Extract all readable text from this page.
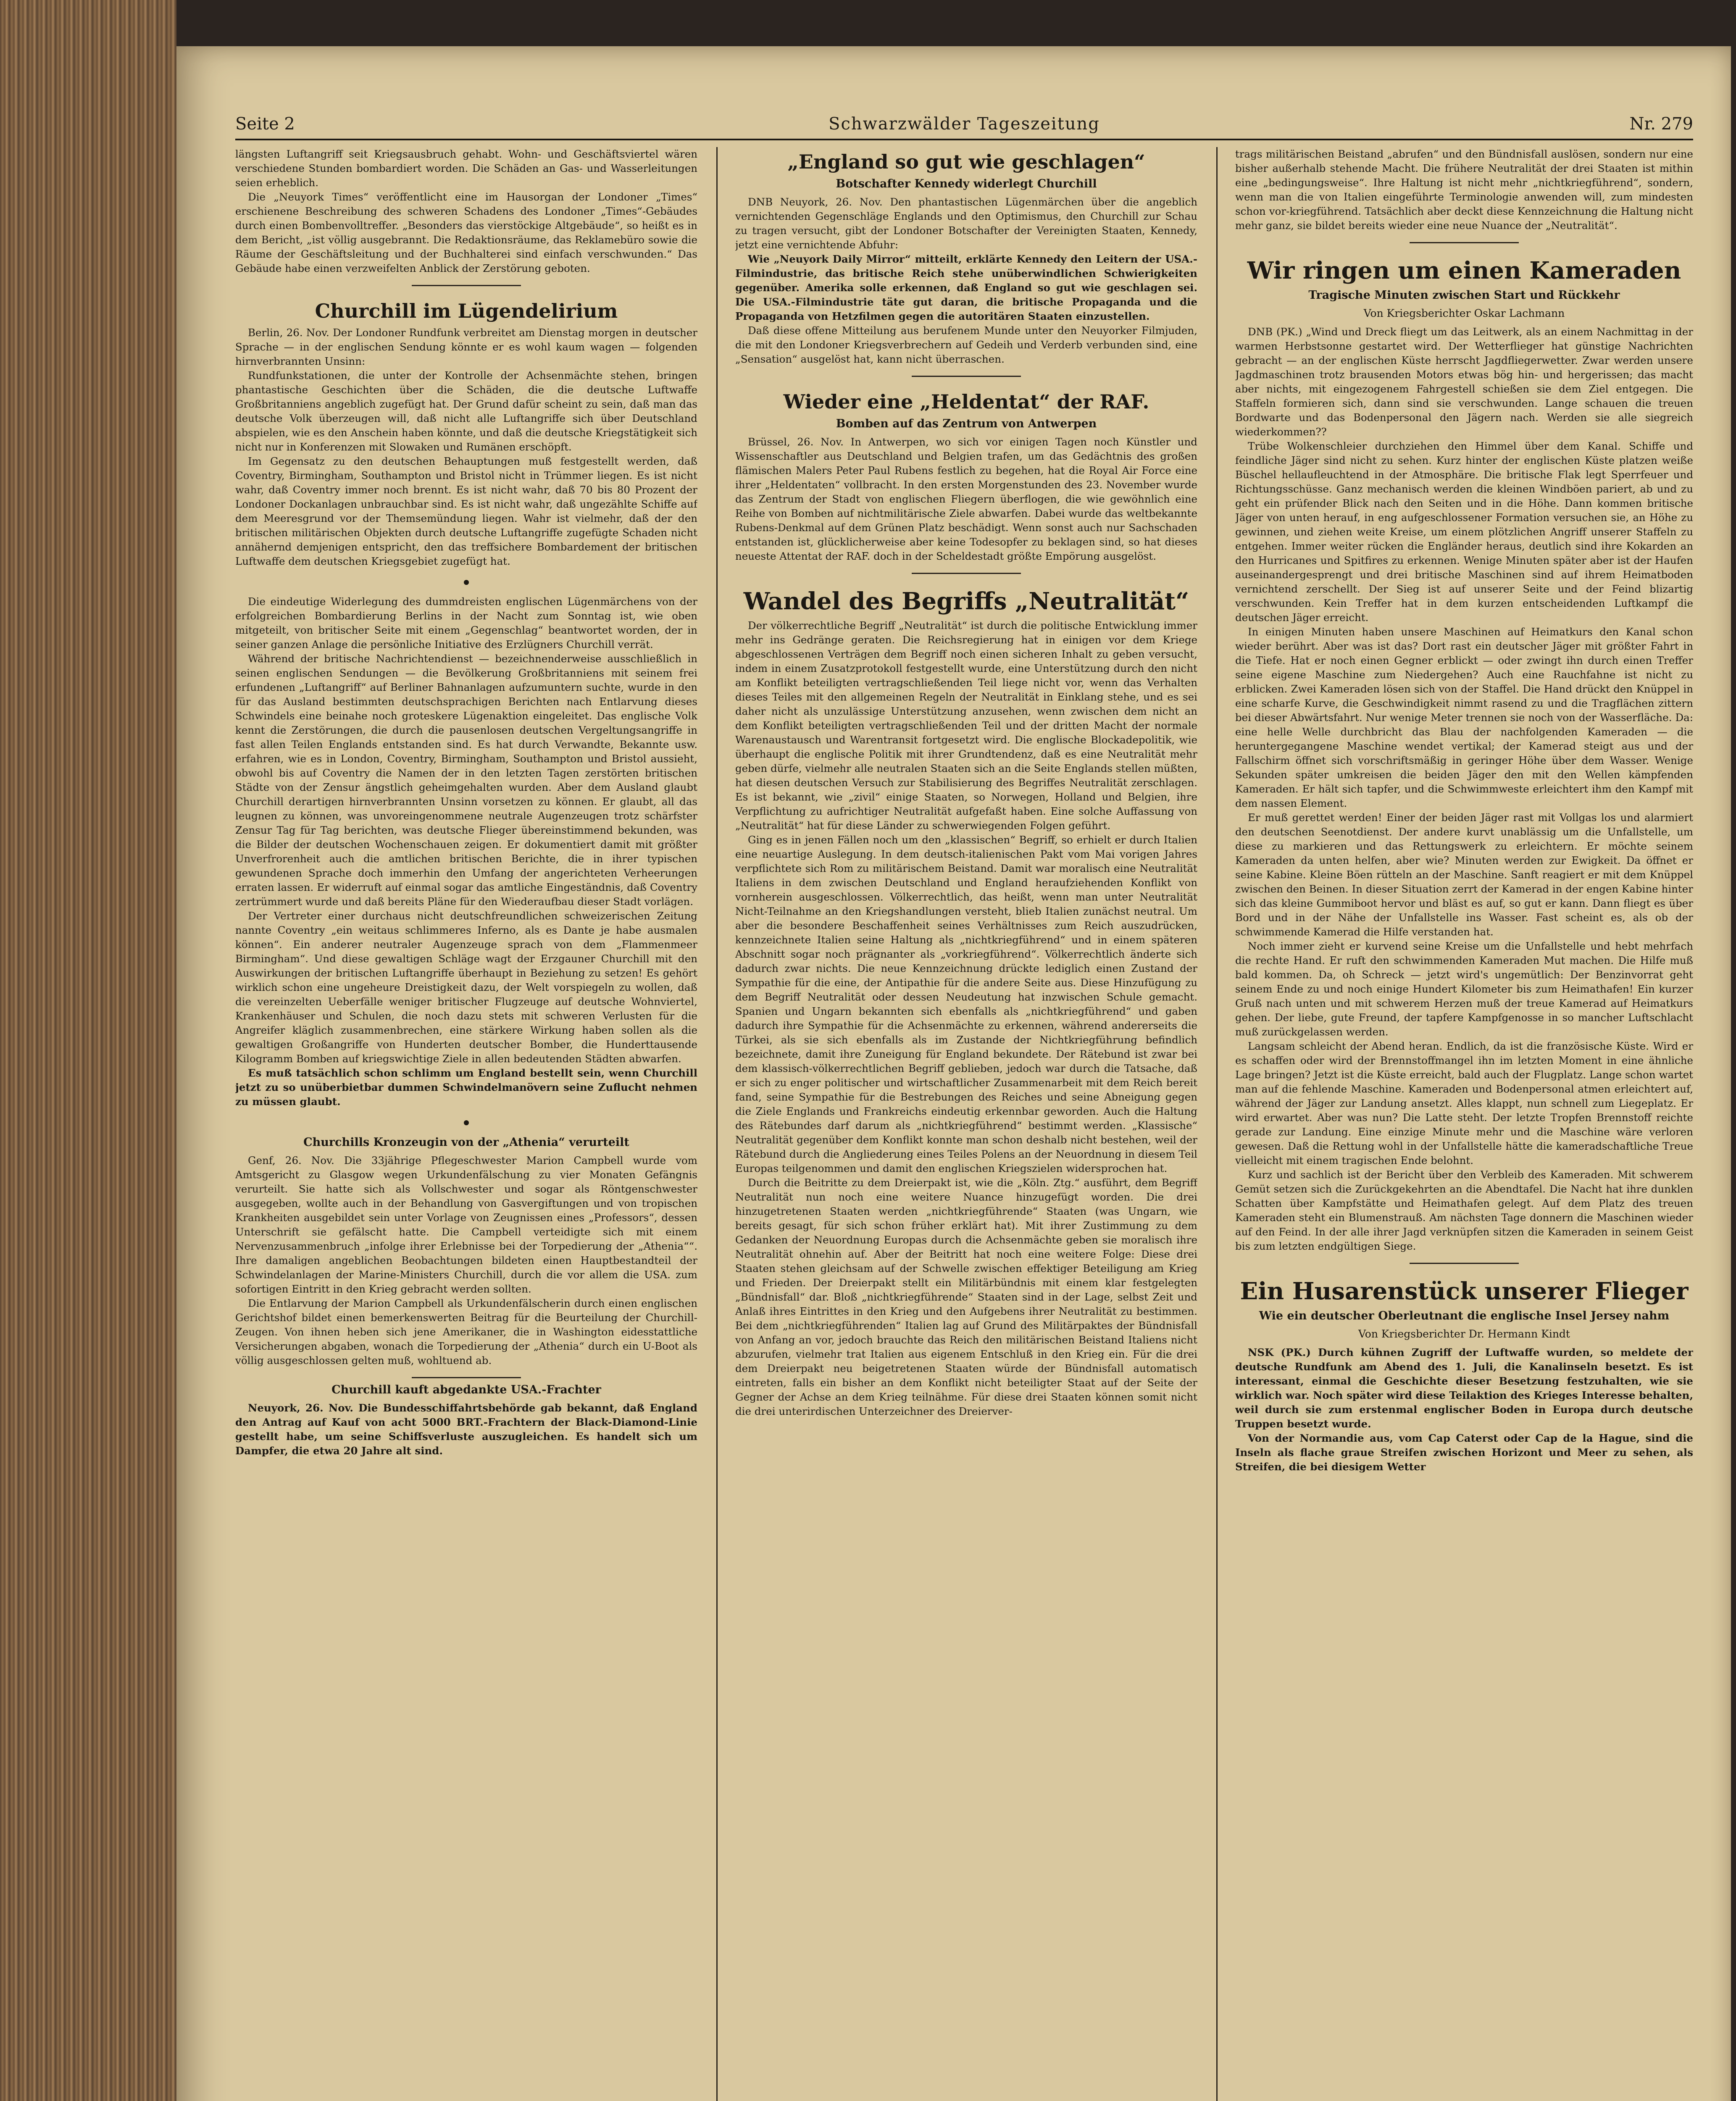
Seite 2	Schwarzwälder Tageszeitung	Nr. 279

längsten Luftangriff seit Kriegsausbruch gehabt. Wohn- und Geschäftsviertel wären verschiedene Stunden bombardiert worden. Die Schäden an Gas- und Wasserleitungen seien erheblich.

Die „Neuyork Times“ veröffentlicht eine im Hausorgan der Londoner „Times“ erschienene Beschreibung des schweren Schadens des Londoner „Times“-Gebäudes durch einen Bombenvolltreffer. „Besonders das vierstöckige Altgebäude“, so heißt es in dem Bericht, „ist völlig ausgebrannt. Die Redaktionsräume, das Reklamebüro sowie die Räume der Geschäftsleitung und der Buchhalterei sind einfach verschwunden.“ Das Gebäude habe einen verzweifelten Anblick der Zerstörung geboten.

Churchill im Lügendelirium

Berlin, 26. Nov. Der Londoner Rundfunk verbreitet am Dienstag morgen in deutscher Sprache — in der englischen Sendung könnte er es wohl kaum wagen — folgenden hirnverbrannten Unsinn:

Rundfunkstationen, die unter der Kontrolle der Achsenmächte stehen, bringen phantastische Geschichten über die Schäden, die die deutsche Luftwaffe Großbritanniens angeblich zugefügt hat. Der Grund dafür scheint zu sein, daß man das deutsche Volk überzeugen will, daß nicht alle Luftangriffe sich über Deutschland abspielen, wie es den Anschein haben könnte, und daß die deutsche Kriegstätigkeit sich nicht nur in Konferenzen mit Slowaken und Rumänen erschöpft.

Im Gegensatz zu den deutschen Behauptungen muß festgestellt werden, daß Coventry, Birmingham, Southampton und Bristol nicht in Trümmer liegen. Es ist nicht wahr, daß Coventry immer noch brennt. Es ist nicht wahr, daß 70 bis 80 Prozent der Londoner Dockanlagen unbrauchbar sind. Es ist nicht wahr, daß ungezählte Schiffe auf dem Meeresgrund vor der Themsemündung liegen. Wahr ist vielmehr, daß der den britischen militärischen Objekten durch deutsche Luftangriffe zugefügte Schaden nicht annähernd demjenigen entspricht, den das treffsichere Bombardement der britischen Luftwaffe dem deutschen Kriegsgebiet zugefügt hat.

Die eindeutige Widerlegung des dummdreisten englischen Lügenmärchens von der erfolgreichen Bombardierung Berlins in der Nacht zum Sonntag ist, wie oben mitgeteilt, von britischer Seite mit einem „Gegenschlag“ beantwortet worden, der in seiner ganzen Anlage die persönliche Initiative des Erzlügners Churchill verrät.

Während der britische Nachrichtendienst — bezeichnenderweise ausschließlich in seinen englischen Sendungen — die Bevölkerung Großbritanniens mit seinem frei erfundenen „Luftangriff“ auf Berliner Bahnanlagen aufzumuntern suchte, wurde in den für das Ausland bestimmten deutschsprachigen Berichten nach Entlarvung dieses Schwindels eine beinahe noch groteskere Lügenaktion eingeleitet. Das englische Volk kennt die Zerstörungen, die durch die pausenlosen deutschen Vergeltungsangriffe in fast allen Teilen Englands entstanden sind. Es hat durch Verwandte, Bekannte usw. erfahren, wie es in London, Coventry, Birmingham, Southampton und Bristol aussieht, obwohl bis auf Coventry die Namen der in den letzten Tagen zerstörten britischen Städte von der Zensur ängstlich geheimgehalten wurden. Aber dem Ausland glaubt Churchill derartigen hirnverbrannten Unsinn vorsetzen zu können. Er glaubt, all das leugnen zu können, was unvoreingenommene neutrale Augenzeugen trotz schärfster Zensur Tag für Tag berichten, was deutsche Flieger übereinstimmend bekunden, was die Bilder der deutschen Wochenschauen zeigen. Er dokumentiert damit mit größter Unverfrorenheit auch die amtlichen britischen Berichte, die in ihrer typischen gewundenen Sprache doch immerhin den Umfang der angerichteten Verheerungen erraten lassen. Er widerruft auf einmal sogar das amtliche Eingeständnis, daß Coventry zertrümmert wurde und daß bereits Pläne für den Wiederaufbau dieser Stadt vorlägen.

Der Vertreter einer durchaus nicht deutschfreundlichen schweizerischen Zeitung nannte Coventry „ein weitaus schlimmeres Inferno, als es Dante je habe ausmalen können“. Ein anderer neutraler Augenzeuge sprach von dem „Flammenmeer Birmingham“. Und diese gewaltigen Schläge wagt der Erzgauner Churchill mit den Auswirkungen der britischen Luftangriffe überhaupt in Beziehung zu setzen! Es gehört wirklich schon eine ungeheure Dreistigkeit dazu, der Welt vorspiegeln zu wollen, daß die vereinzelten Ueberfälle weniger britischer Flugzeuge auf deutsche Wohnviertel, Krankenhäuser und Schulen, die noch dazu stets mit schweren Verlusten für die Angreifer kläglich zusammenbrechen, eine stärkere Wirkung haben sollen als die gewaltigen Großangriffe von Hunderten deutscher Bomber, die Hunderttausende Kilogramm Bomben auf kriegswichtige Ziele in allen bedeutenden Städten abwarfen.

Es muß tatsächlich schon schlimm um England bestellt sein, wenn Churchill jetzt zu so unüberbietbar dummen Schwindelmanövern seine Zuflucht nehmen zu müssen glaubt.

Churchills Kronzeugin von der „Athenia“ verurteilt

Genf, 26. Nov. Die 33jährige Pflegeschwester Marion Campbell wurde vom Amtsgericht zu Glasgow wegen Urkundenfälschung zu vier Monaten Gefängnis verurteilt. Sie hatte sich als Vollschwester und sogar als Röntgenschwester ausgegeben, wollte auch in der Behandlung von Gasvergiftungen und von tropischen Krankheiten ausgebildet sein unter Vorlage von Zeugnissen eines „Professors“, dessen Unterschrift sie gefälscht hatte. Die Campbell verteidigte sich mit einem Nervenzusammenbruch „infolge ihrer Erlebnisse bei der Torpedierung der „Athenia““. Ihre damaligen angeblichen Beobachtungen bildeten einen Hauptbestandteil der Schwindelanlagen der Marine-Ministers Churchill, durch die vor allem die USA. zum sofortigen Eintritt in den Krieg gebracht werden sollten.

Die Entlarvung der Marion Campbell als Urkundenfälscherin durch einen englischen Gerichtshof bildet einen bemerkenswerten Beitrag für die Beurteilung der Churchill-Zeugen. Von ihnen heben sich jene Amerikaner, die in Washington eidesstattliche Versicherungen abgaben, wonach die Torpedierung der „Athenia“ durch ein U-Boot als völlig ausgeschlossen gelten muß, wohltuend ab.

Churchill kauft abgedankte USA.-Frachter

Neuyork, 26. Nov. Die Bundesschiffahrtsbehörde gab bekannt, daß England den Antrag auf Kauf von acht 5000 BRT.-Frachtern der Black-Diamond-Linie gestellt habe, um seine Schiffsverluste auszugleichen. Es handelt sich um Dampfer, die etwa 20 Jahre alt sind.

„England so gut wie geschlagen“
Botschafter Kennedy widerlegt Churchill

DNB Neuyork, 26. Nov. Den phantastischen Lügenmärchen über die angeblich vernichtenden Gegenschläge Englands und den Optimismus, den Churchill zur Schau zu tragen versucht, gibt der Londoner Botschafter der Vereinigten Staaten, Kennedy, jetzt eine vernichtende Abfuhr:

Wie „Neuyork Daily Mirror“ mitteilt, erklärte Kennedy den Leitern der USA.-Filmindustrie, das britische Reich stehe unüberwindlichen Schwierigkeiten gegenüber. Amerika solle erkennen, daß England so gut wie geschlagen sei. Die USA.-Filmindustrie täte gut daran, die britische Propaganda und die Propaganda von Hetzfilmen gegen die autoritären Staaten einzustellen.

Daß diese offene Mitteilung aus berufenem Munde unter den Neuyorker Filmjuden, die mit den Londoner Kriegsverbrechern auf Gedeih und Verderb verbunden sind, eine „Sensation“ ausgelöst hat, kann nicht überraschen.

Wieder eine „Heldentat“ der RAF.
Bomben auf das Zentrum von Antwerpen

Brüssel, 26. Nov. In Antwerpen, wo sich vor einigen Tagen noch Künstler und Wissenschaftler aus Deutschland und Belgien trafen, um das Gedächtnis des großen flämischen Malers Peter Paul Rubens festlich zu begehen, hat die Royal Air Force eine ihrer „Heldentaten“ vollbracht. In den ersten Morgenstunden des 23. November wurde das Zentrum der Stadt von englischen Fliegern überflogen, die wie gewöhnlich eine Reihe von Bomben auf nichtmilitärische Ziele abwarfen. Dabei wurde das weltbekannte Rubens-Denkmal auf dem Grünen Platz beschädigt. Wenn sonst auch nur Sachschaden entstanden ist, glücklicherweise aber keine Todesopfer zu beklagen sind, so hat dieses neueste Attentat der RAF. doch in der Scheldestadt größte Empörung ausgelöst.

Wandel des Begriffs „Neutralität“

Der völkerrechtliche Begriff „Neutralität“ ist durch die politische Entwicklung immer mehr ins Gedränge geraten. Die Reichsregierung hat in einigen vor dem Kriege abgeschlossenen Verträgen dem Begriff noch einen sicheren Inhalt zu geben versucht, indem in einem Zusatzprotokoll festgestellt wurde, eine Unterstützung durch den nicht am Konflikt beteiligten vertragschließenden Teil liege nicht vor, wenn das Verhalten dieses Teiles mit den allgemeinen Regeln der Neutralität in Einklang stehe, und es sei daher nicht als unzulässige Unterstützung anzusehen, wenn zwischen dem nicht an dem Konflikt beteiligten vertragschließenden Teil und der dritten Macht der normale Warenaustausch und Warentransit fortgesetzt wird. Die englische Blockadepolitik, wie überhaupt die englische Politik mit ihrer Grundtendenz, daß es eine Neutralität mehr geben dürfe, vielmehr alle neutralen Staaten sich an die Seite Englands stellen müßten, hat diesen deutschen Versuch zur Stabilisierung des Begriffes Neutralität zerschlagen. Es ist bekannt, wie „zivil“ einige Staaten, so Norwegen, Holland und Belgien, ihre Verpflichtung zu aufrichtiger Neutralität aufgefaßt haben. Eine solche Auffassung von „Neutralität“ hat für diese Länder zu schwerwiegenden Folgen geführt.

Ging es in jenen Fällen noch um den „klassischen“ Begriff, so erhielt er durch Italien eine neuartige Auslegung. In dem deutsch-italienischen Pakt vom Mai vorigen Jahres verpflichtete sich Rom zu militärischem Beistand. Damit war moralisch eine Neutralität Italiens in dem zwischen Deutschland und England heraufziehenden Konflikt von vornherein ausgeschlossen. Völkerrechtlich, das heißt, wenn man unter Neutralität Nicht-Teilnahme an den Kriegshandlungen versteht, blieb Italien zunächst neutral. Um aber die besondere Beschaffenheit seines Verhältnisses zum Reich auszudrücken, kennzeichnete Italien seine Haltung als „nichtkriegführend“ und in einem späteren Abschnitt sogar noch prägnanter als „vorkriegführend“. Völkerrechtlich änderte sich dadurch zwar nichts. Die neue Kennzeichnung drückte lediglich einen Zustand der Sympathie für die eine, der Antipathie für die andere Seite aus. Diese Hinzufügung zu dem Begriff Neutralität oder dessen Neudeutung hat inzwischen Schule gemacht. Spanien und Ungarn bekannten sich ebenfalls als „nichtkriegführend“ und gaben dadurch ihre Sympathie für die Achsenmächte zu erkennen, während andererseits die Türkei, als sie sich ebenfalls als im Zustande der Nichtkriegführung befindlich bezeichnete, damit ihre Zuneigung für England bekundete. Der Rätebund ist zwar bei dem klassisch-völkerrechtlichen Begriff geblieben, jedoch war durch die Tatsache, daß er sich zu enger politischer und wirtschaftlicher Zusammenarbeit mit dem Reich bereit fand, seine Sympathie für die Bestrebungen des Reiches und seine Abneigung gegen die Ziele Englands und Frankreichs eindeutig erkennbar geworden. Auch die Haltung des Rätebundes darf darum als „nichtkriegführend“ bestimmt werden. „Klassische“ Neutralität gegenüber dem Konflikt konnte man schon deshalb nicht bestehen, weil der Rätebund durch die Angliederung eines Teiles Polens an der Neuordnung in diesem Teil Europas teilgenommen und damit den englischen Kriegszielen widersprochen hat.

Durch die Beitritte zu dem Dreierpakt ist, wie die „Köln. Ztg.“ ausführt, dem Begriff Neutralität nun noch eine weitere Nuance hinzugefügt worden. Die drei hinzugetretenen Staaten werden „nichtkriegführende“ Staaten (was Ungarn, wie bereits gesagt, für sich schon früher erklärt hat). Mit ihrer Zustimmung zu dem Gedanken der Neuordnung Europas durch die Achsenmächte geben sie moralisch ihre Neutralität ohnehin auf. Aber der Beitritt hat noch eine weitere Folge: Diese drei Staaten stehen gleichsam auf der Schwelle zwischen effektiger Beteiligung am Krieg und Frieden. Der Dreierpakt stellt ein Militärbündnis mit einem klar festgelegten „Bündnisfall“ dar. Bloß „nichtkriegführende“ Staaten sind in der Lage, selbst Zeit und Anlaß ihres Eintrittes in den Krieg und den Aufgebens ihrer Neutralität zu bestimmen. Bei dem „nichtkriegführenden“ Italien lag auf Grund des Militärpaktes der Bündnisfall von Anfang an vor, jedoch brauchte das Reich den militärischen Beistand Italiens nicht abzurufen, vielmehr trat Italien aus eigenem Entschluß in den Krieg ein. Für die drei dem Dreierpakt neu beigetretenen Staaten würde der Bündnisfall automatisch eintreten, falls ein bisher an dem Konflikt nicht beteiligter Staat auf der Seite der Gegner der Achse an dem Krieg teilnähme. Für diese drei Staaten können somit nicht die drei unterirdischen Unterzeichner des Dreierver-

trags militärischen Beistand „abrufen“ und den Bündnisfall auslösen, sondern nur eine bisher außerhalb stehende Macht. Die frühere Neutralität der drei Staaten ist mithin eine „bedingungsweise“. Ihre Haltung ist nicht mehr „nichtkriegführend“, sondern, wenn man die von Italien eingeführte Terminologie anwenden will, zum mindesten schon vor-kriegführend. Tatsächlich aber deckt diese Kennzeichnung die Haltung nicht mehr ganz, sie bildet bereits wieder eine neue Nuance der „Neutralität“.

Wir ringen um einen Kameraden
Tragische Minuten zwischen Start und Rückkehr
Von Kriegsberichter Oskar Lachmann

DNB (PK.) „Wind und Dreck fliegt um das Leitwerk, als an einem Nachmittag in der warmen Herbstsonne gestartet wird. Der Wetterflieger hat günstige Nachrichten gebracht — an der englischen Küste herrscht Jagdfliegerwetter. Zwar werden unsere Jagdmaschinen trotz brausenden Motors etwas bög hin- und hergerissen; das macht aber nichts, mit eingezogenem Fahrgestell schießen sie dem Ziel entgegen. Die Staffeln formieren sich, dann sind sie verschwunden. Lange schauen die treuen Bordwarte und das Bodenpersonal den Jägern nach. Werden sie alle siegreich wiederkommen??

Trübe Wolkenschleier durchziehen den Himmel über dem Kanal. Schiffe und feindliche Jäger sind nicht zu sehen. Kurz hinter der englischen Küste platzen weiße Büschel hellaufleuchtend in der Atmosphäre. Die britische Flak legt Sperrfeuer und Richtungsschüsse. Ganz mechanisch werden die kleinen Windböen pariert, ab und zu geht ein prüfender Blick nach den Seiten und in die Höhe. Dann kommen britische Jäger von unten herauf, in eng aufgeschlossener Formation versuchen sie, an Höhe zu gewinnen, und ziehen weite Kreise, um einem plötzlichen Angriff unserer Staffeln zu entgehen. Immer weiter rücken die Engländer heraus, deutlich sind ihre Kokarden an den Hurricanes und Spitfires zu erkennen. Wenige Minuten später aber ist der Haufen auseinandergesprengt und drei britische Maschinen sind auf ihrem Heimatboden vernichtend zerschellt. Der Sieg ist auf unserer Seite und der Feind blizartig verschwunden. Kein Treffer hat in dem kurzen entscheidenden Luftkampf die deutschen Jäger erreicht.

In einigen Minuten haben unsere Maschinen auf Heimatkurs den Kanal schon wieder berührt. Aber was ist das? Dort rast ein deutscher Jäger mit größter Fahrt in die Tiefe. Hat er noch einen Gegner erblickt — oder zwingt ihn durch einen Treffer seine eigene Maschine zum Niedergehen? Auch eine Rauchfahne ist nicht zu erblicken. Zwei Kameraden lösen sich von der Staffel. Die Hand drückt den Knüppel in eine scharfe Kurve, die Geschwindigkeit nimmt rasend zu und die Tragflächen zittern bei dieser Abwärtsfahrt. Nur wenige Meter trennen sie noch von der Wasserfläche. Da: eine helle Welle durchbricht das Blau der nachfolgenden Kameraden — die heruntergegangene Maschine wendet vertikal; der Kamerad steigt aus und der Fallschirm öffnet sich vorschriftsmäßig in geringer Höhe über dem Wasser. Wenige Sekunden später umkreisen die beiden Jäger den mit den Wellen kämpfenden Kameraden. Er hält sich tapfer, und die Schwimmweste erleichtert ihm den Kampf mit dem nassen Element.

Er muß gerettet werden! Einer der beiden Jäger rast mit Vollgas los und alarmiert den deutschen Seenotdienst. Der andere kurvt unablässig um die Unfallstelle, um diese zu markieren und das Rettungswerk zu erleichtern. Er möchte seinem Kameraden da unten helfen, aber wie? Minuten werden zur Ewigkeit. Da öffnet er seine Kabine. Kleine Böen rütteln an der Maschine. Sanft reagiert er mit dem Knüppel zwischen den Beinen. In dieser Situation zerrt der Kamerad in der engen Kabine hinter sich das kleine Gummiboot hervor und bläst es auf, so gut er kann. Dann fliegt es über Bord und in der Nähe der Unfallstelle ins Wasser. Fast scheint es, als ob der schwimmende Kamerad die Hilfe verstanden hat.

Noch immer zieht er kurvend seine Kreise um die Unfallstelle und hebt mehrfach die rechte Hand. Er ruft den schwimmenden Kameraden Mut machen. Die Hilfe muß bald kommen. Da, oh Schreck — jetzt wird's ungemütlich: Der Benzinvorrat geht seinem Ende zu und noch einige Hundert Kilometer bis zum Heimathafen! Ein kurzer Gruß nach unten und mit schwerem Herzen muß der treue Kamerad auf Heimatkurs gehen. Der liebe, gute Freund, der tapfere Kampfgenosse in so mancher Luftschlacht muß zurückgelassen werden.

Langsam schleicht der Abend heran. Endlich, da ist die französische Küste. Wird er es schaffen oder wird der Brennstoffmangel ihn im letzten Moment in eine ähnliche Lage bringen? Jetzt ist die Küste erreicht, bald auch der Flugplatz. Lange schon wartet man auf die fehlende Maschine. Kameraden und Bodenpersonal atmen erleichtert auf, während der Jäger zur Landung ansetzt. Alles klappt, nun schnell zum Liegeplatz. Er wird erwartet. Aber was nun? Die Latte steht. Der letzte Tropfen Brennstoff reichte gerade zur Landung. Eine einzige Minute mehr und die Maschine wäre verloren gewesen. Daß die Rettung wohl in der Unfallstelle hätte die kameradschaftliche Treue vielleicht mit einem tragischen Ende belohnt.

Kurz und sachlich ist der Bericht über den Verbleib des Kameraden. Mit schwerem Gemüt setzen sich die Zurückgekehrten an die Abendtafel. Die Nacht hat ihre dunklen Schatten über Kampfstätte und Heimathafen gelegt. Auf dem Platz des treuen Kameraden steht ein Blumenstrauß. Am nächsten Tage donnern die Maschinen wieder auf den Feind. In der alle ihrer Jagd verknüpfen sitzen die Kameraden in seinem Geist bis zum letzten endgültigen Siege.

Ein Husarenstück unserer Flieger
Wie ein deutscher Oberleutnant die englische Insel Jersey nahm
Von Kriegsberichter Dr. Hermann Kindt

NSK (PK.) Durch kühnen Zugriff der Luftwaffe wurden, so meldete der deutsche Rundfunk am Abend des 1. Juli, die Kanalinseln besetzt. Es ist interessant, einmal die Geschichte dieser Besetzung festzuhalten, wie sie wirklich war. Noch später wird diese Teilaktion des Krieges Interesse behalten, weil durch sie zum erstenmal englischer Boden in Europa durch deutsche Truppen besetzt wurde.

Von der Normandie aus, vom Cap Caterst oder Cap de la Hague, sind die Inseln als flache graue Streifen zwischen Horizont und Meer zu sehen, als Streifen, die bei diesigem Wetter
